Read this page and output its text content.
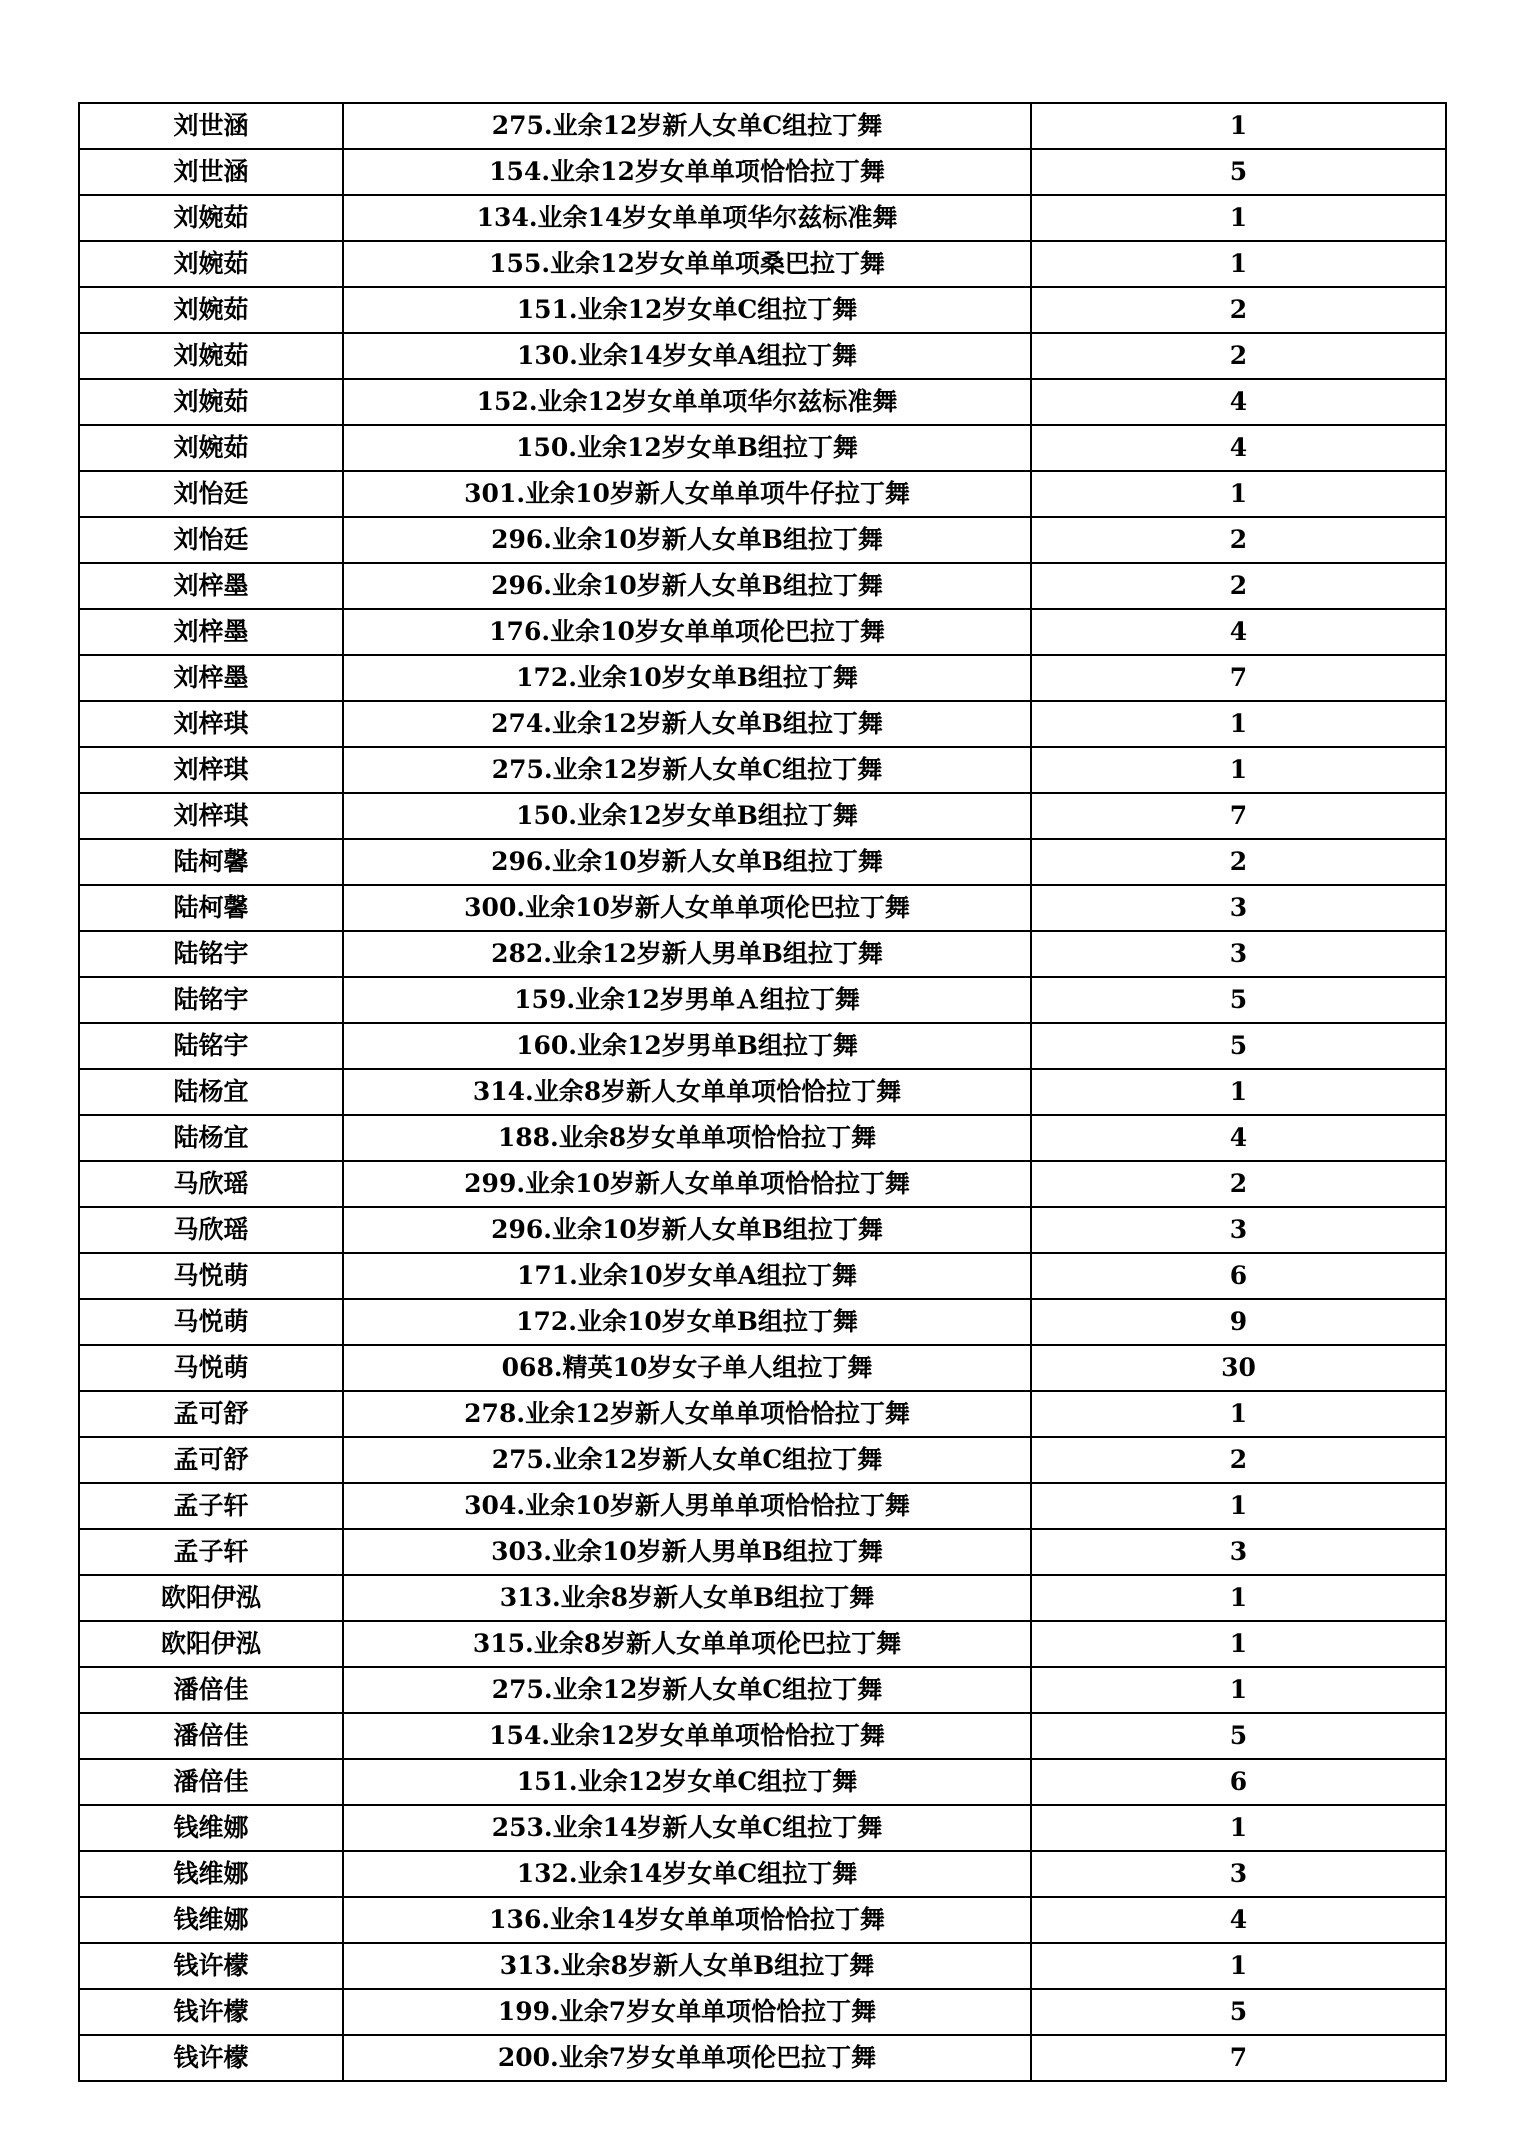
刘世涵	275.业余12岁新人女单C组拉丁舞	1
刘世涵	154.业余12岁女单单项恰恰拉丁舞	5
刘婉茹	134.业余14岁女单单项华尔兹标准舞	1
刘婉茹	155.业余12岁女单单项桑巴拉丁舞	1
刘婉茹	151.业余12岁女单C组拉丁舞	2
刘婉茹	130.业余14岁女单A组拉丁舞	2
刘婉茹	152.业余12岁女单单项华尔兹标准舞	4
刘婉茹	150.业余12岁女单B组拉丁舞	4
刘怡廷	301.业余10岁新人女单单项牛仔拉丁舞	1
刘怡廷	296.业余10岁新人女单B组拉丁舞	2
刘梓墨	296.业余10岁新人女单B组拉丁舞	2
刘梓墨	176.业余10岁女单单项伦巴拉丁舞	4
刘梓墨	172.业余10岁女单B组拉丁舞	7
刘梓琪	274.业余12岁新人女单B组拉丁舞	1
刘梓琪	275.业余12岁新人女单C组拉丁舞	1
刘梓琪	150.业余12岁女单B组拉丁舞	7
陆柯馨	296.业余10岁新人女单B组拉丁舞	2
陆柯馨	300.业余10岁新人女单单项伦巴拉丁舞	3
陆铭宇	282.业余12岁新人男单B组拉丁舞	3
陆铭宇	159.业余12岁男单Ａ组拉丁舞	5
陆铭宇	160.业余12岁男单B组拉丁舞	5
陆杨宜	314.业余8岁新人女单单项恰恰拉丁舞	1
陆杨宜	188.业余8岁女单单项恰恰拉丁舞	4
马欣瑶	299.业余10岁新人女单单项恰恰拉丁舞	2
马欣瑶	296.业余10岁新人女单B组拉丁舞	3
马悦萌	171.业余10岁女单A组拉丁舞	6
马悦萌	172.业余10岁女单B组拉丁舞	9
马悦萌	068.精英10岁女子单人组拉丁舞	30
孟可舒	278.业余12岁新人女单单项恰恰拉丁舞	1
孟可舒	275.业余12岁新人女单C组拉丁舞	2
孟子轩	304.业余10岁新人男单单项恰恰拉丁舞	1
孟子轩	303.业余10岁新人男单B组拉丁舞	3
欧阳伊泓	313.业余8岁新人女单B组拉丁舞	1
欧阳伊泓	315.业余8岁新人女单单项伦巴拉丁舞	1
潘倍佳	275.业余12岁新人女单C组拉丁舞	1
潘倍佳	154.业余12岁女单单项恰恰拉丁舞	5
潘倍佳	151.业余12岁女单C组拉丁舞	6
钱维娜	253.业余14岁新人女单C组拉丁舞	1
钱维娜	132.业余14岁女单C组拉丁舞	3
钱维娜	136.业余14岁女单单项恰恰拉丁舞	4
钱许檬	313.业余8岁新人女单B组拉丁舞	1
钱许檬	199.业余7岁女单单项恰恰拉丁舞	5
钱许檬	200.业余7岁女单单项伦巴拉丁舞	7
